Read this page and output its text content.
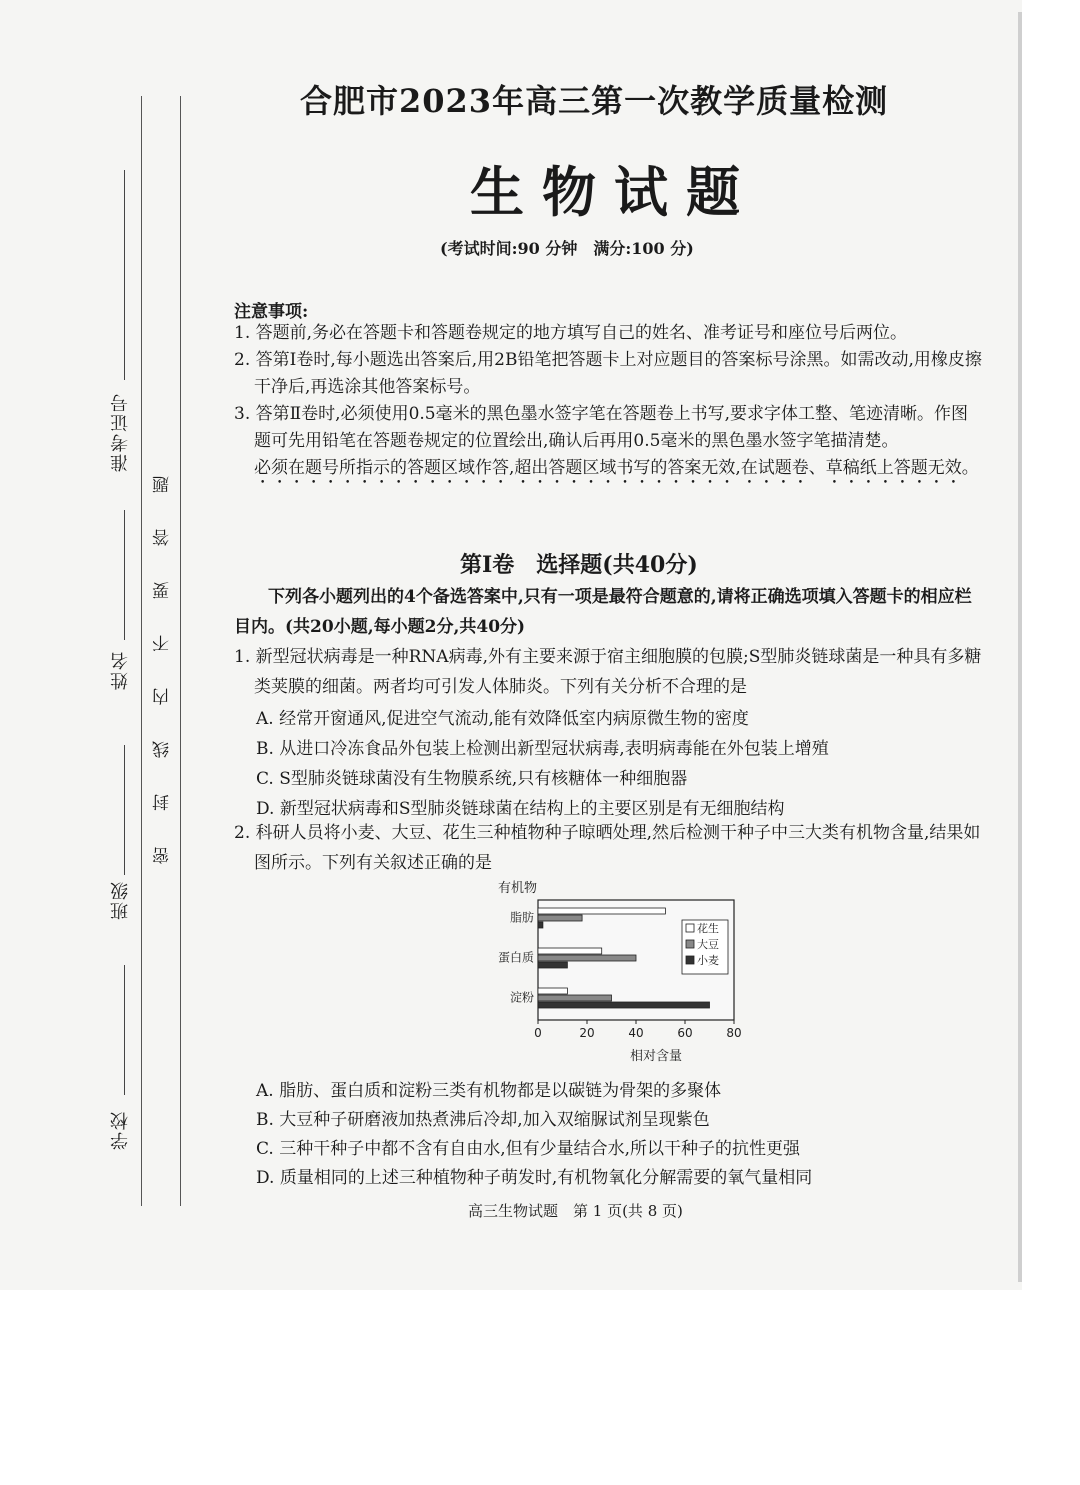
准考证号
姓名
班级
学校
密封线内不要答题
合肥市2023年高三第一次教学质量检测
生物试题
(考试时间:90 分钟　满分:100 分)
注意事项:

1. 答题前,务必在答题卡和答题卷规定的地方填写自己的姓名、准考证号和座位号后两位。

2. 答第Ⅰ卷时,每小题选出答案后,用2B铅笔把答题卡上对应题目的答案标号涂黑。如需改动,用橡皮擦干净后,再选涂其他答案标号。

3. 答第Ⅱ卷时,必须使用0.5毫米的黑色墨水签字笔在答题卷上书写,要求字体工整、笔迹清晰。作图题可先用铅笔在答题卷规定的位置绘出,确认后再用0.5毫米的黑色墨水签字笔描清楚。

必须在题号所指示的答题区域作答,超出答题区域书写的答案无效,在试题卷、草稿纸上答题无效。

第Ⅰ卷　选择题(共40分)
下列各小题列出的4个备选答案中,只有一项是最符合题意的,请将正确选项填入答题卡的相应栏目内。(共20小题,每小题2分,共40分)
1. 新型冠状病毒是一种RNA病毒,外有主要来源于宿主细胞膜的包膜;S型肺炎链球菌是一种具有多糖类荚膜的细菌。两者均可引发人体肺炎。下列有关分析不合理的是
A. 经常开窗通风,促进空气流动,能有效降低室内病原微生物的密度
B. 从进口冷冻食品外包装上检测出新型冠状病毒,表明病毒能在外包装上增殖
C. S型肺炎链球菌没有生物膜系统,只有核糖体一种细胞器
D. 新型冠状病毒和S型肺炎链球菌在结构上的主要区别是有无细胞结构
2. 科研人员将小麦、大豆、花生三种植物种子晾晒处理,然后检测干种子中三大类有机物含量,结果如图所示。下列有关叙述正确的是
有机物
脂肪
蛋白质
淀粉
0	20	40	60	80
相对含量
花生
大豆
小麦
A. 脂肪、蛋白质和淀粉三类有机物都是以碳链为骨架的多聚体
B. 大豆种子研磨液加热煮沸后冷却,加入双缩脲试剂呈现紫色
C. 三种干种子中都不含有自由水,但有少量结合水,所以干种子的抗性更强
D. 质量相同的上述三种植物种子萌发时,有机物氧化分解需要的氧气量相同
高三生物试题　第 1 页(共 8 页)
